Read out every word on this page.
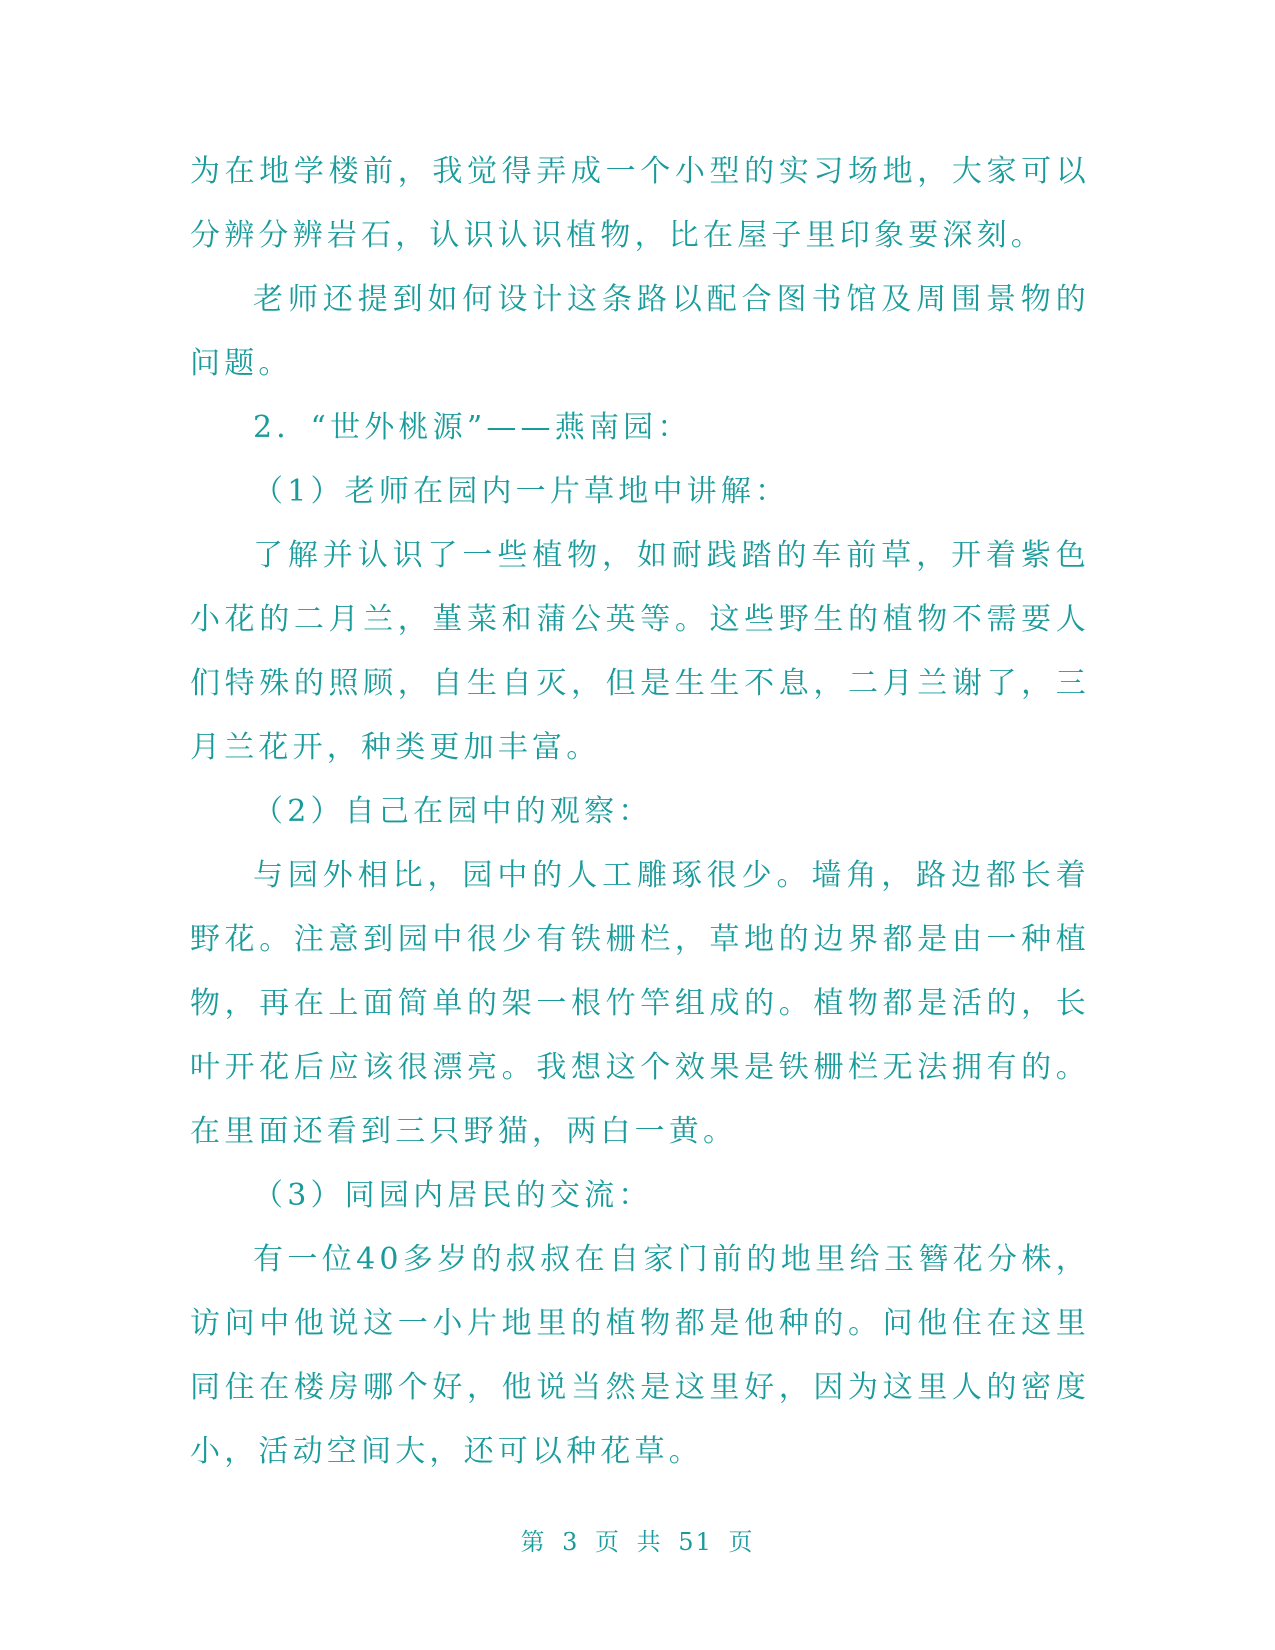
为在地学楼前，我觉得弄成一个小型的实习场地，大家可以分辨分辨岩石，认识认识植物，比在屋子里印象要深刻。

老师还提到如何设计这条路以配合图书馆及周围景物的问题。

2．“世外桃源”——燕南园：

（1）老师在园内一片草地中讲解：

了解并认识了一些植物，如耐践踏的车前草，开着紫色小花的二月兰，堇菜和蒲公英等。这些野生的植物不需要人们特殊的照顾，自生自灭，但是生生不息，二月兰谢了，三月兰花开，种类更加丰富。

（2）自己在园中的观察：

与园外相比，园中的人工雕琢很少。墙角，路边都长着野花。注意到园中很少有铁栅栏，草地的边界都是由一种植物，再在上面简单的架一根竹竿组成的。植物都是活的，长叶开花后应该很漂亮。我想这个效果是铁栅栏无法拥有的。在里面还看到三只野猫，两白一黄。

（3）同园内居民的交流：

有一位40多岁的叔叔在自家门前的地里给玉簪花分株，访问中他说这一小片地里的植物都是他种的。问他住在这里同住在楼房哪个好，他说当然是这里好，因为这里人的密度小，活动空间大，还可以种花草。

第 3 页 共 51 页
